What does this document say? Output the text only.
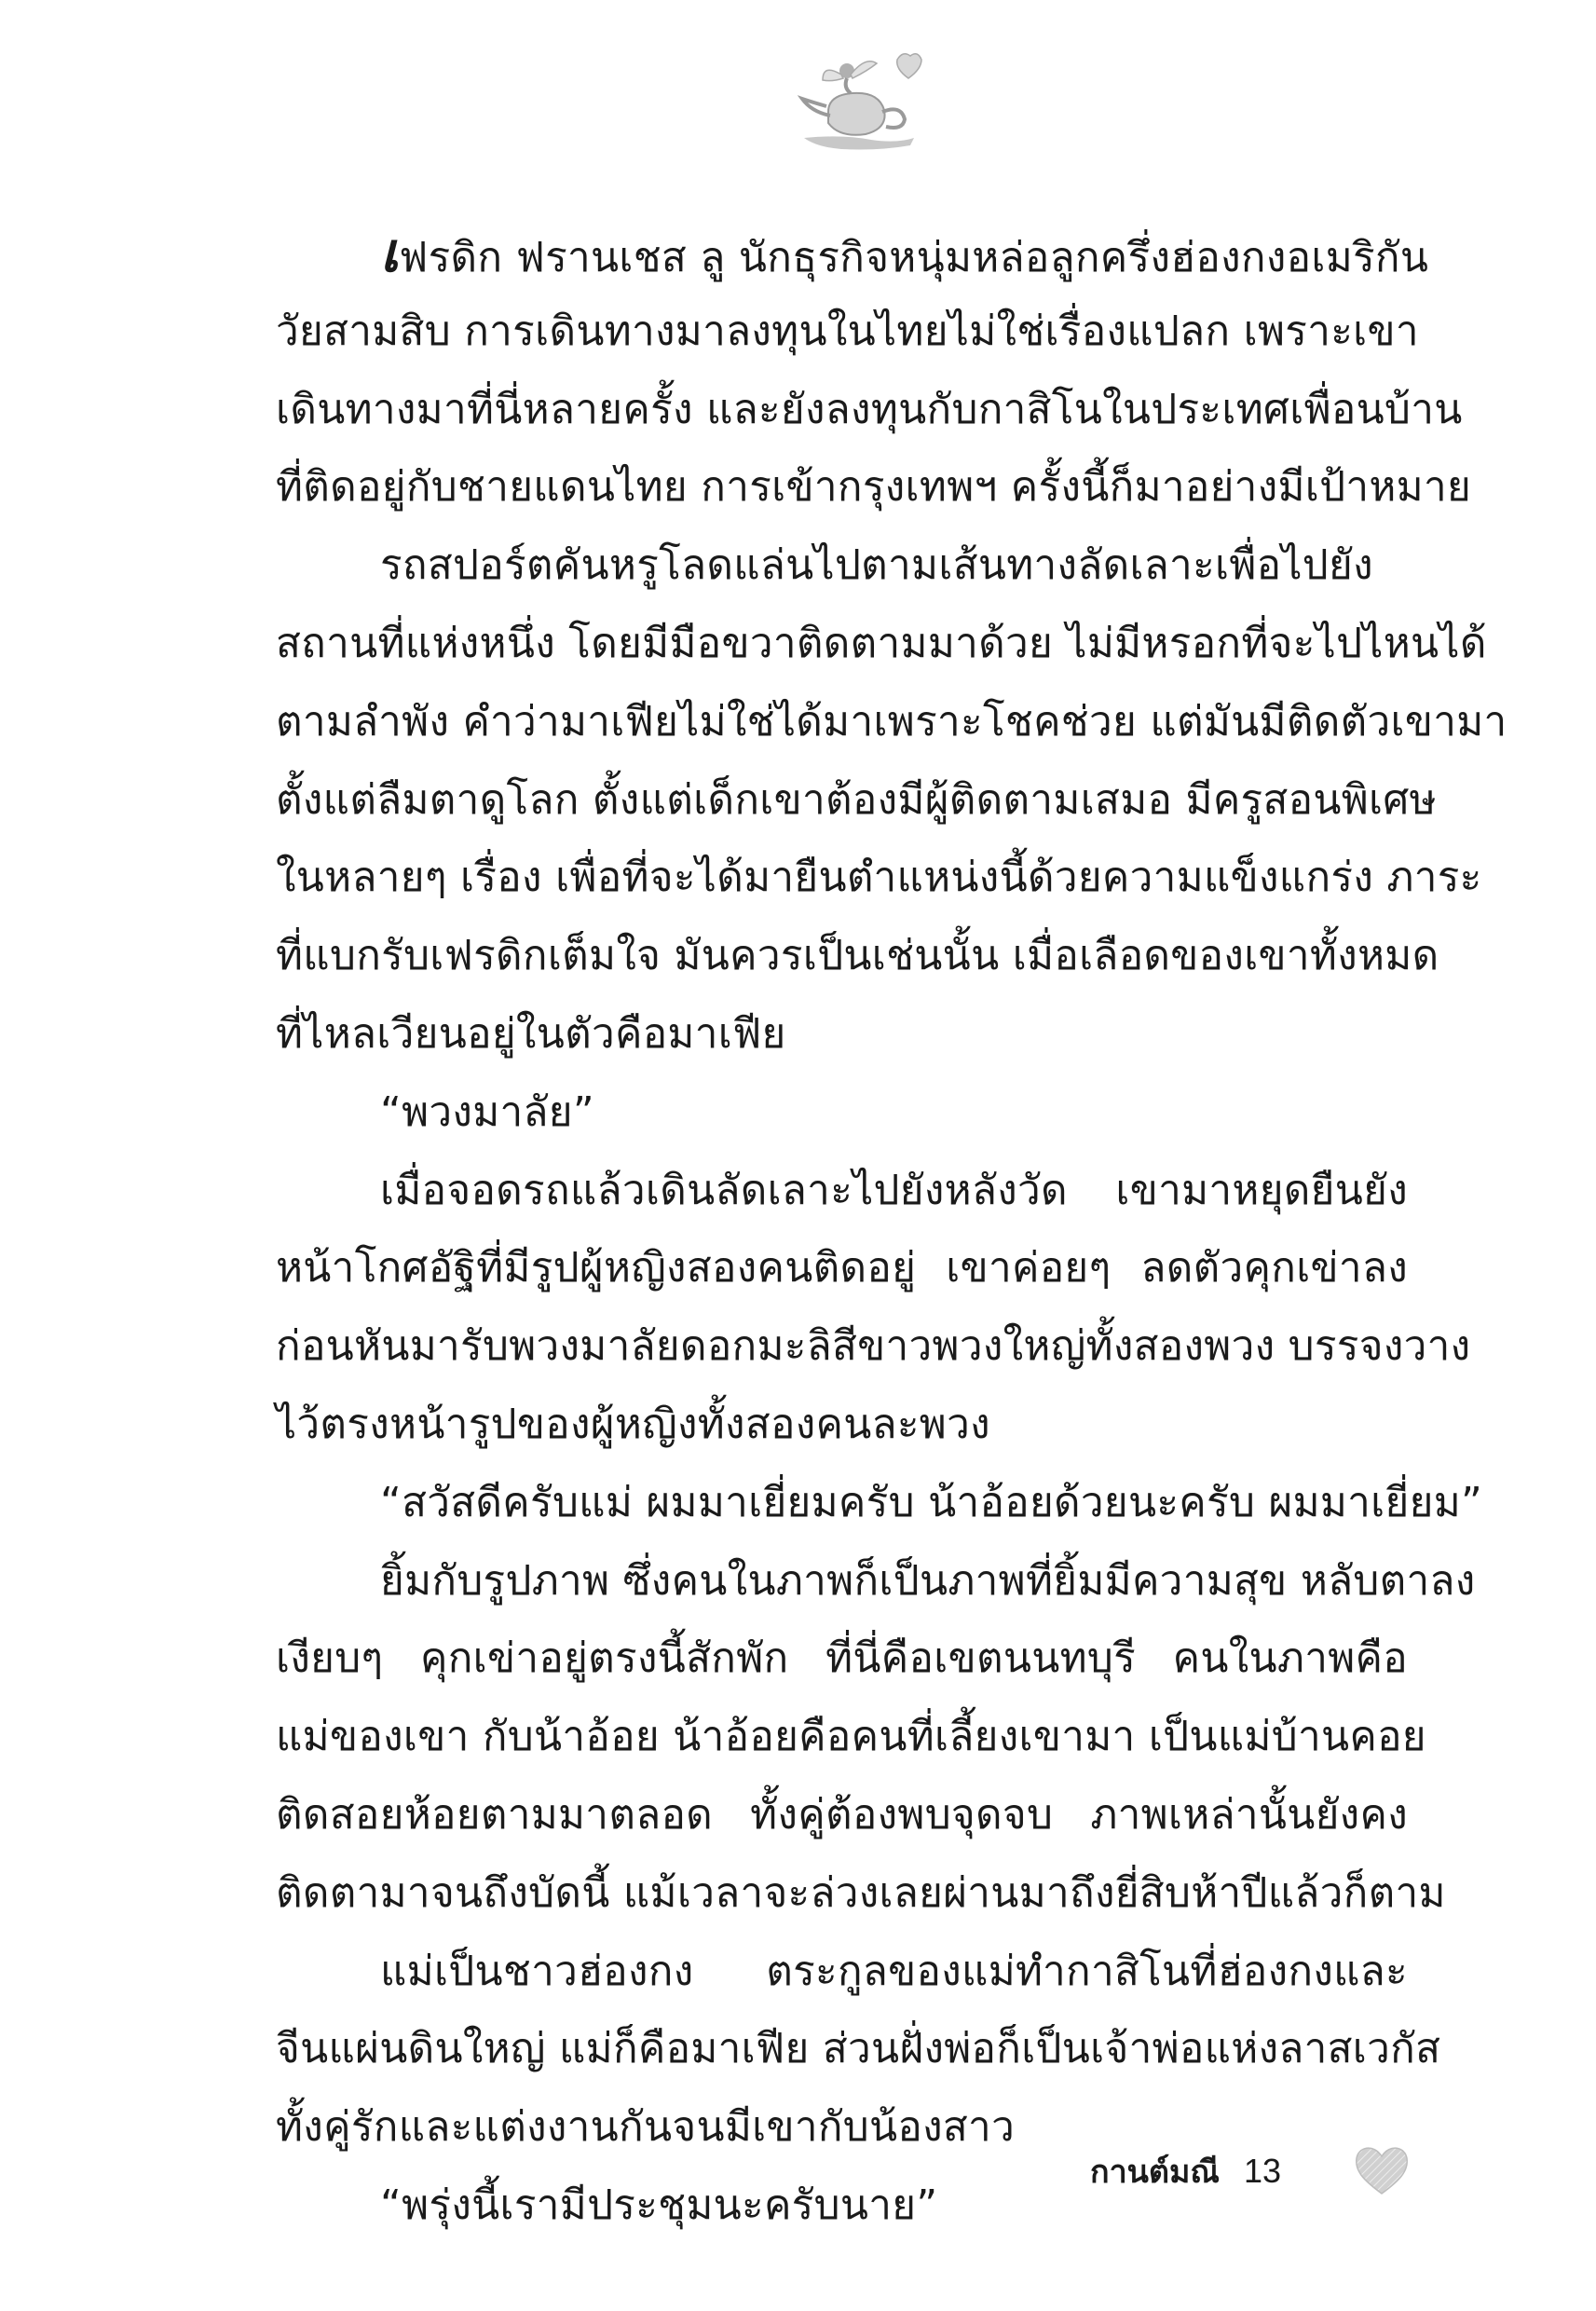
เฟรดิก ฟรานเชส ลู นักธุรกิจหนุ่มหล่อลูกครึ่งฮ่องกงอเมริกัน
วัยสามสิบ การเดินทางมาลงทุนในไทยไม่ใช่เรื่องแปลก เพราะเขา
เดินทางมาที่นี่หลายครั้ง และยังลงทุนกับกาสิโนในประเทศเพื่อนบ้าน
ที่ติดอยู่กับชายแดนไทย การเข้ากรุงเทพฯ ครั้งนี้ก็มาอย่างมีเป้าหมาย
รถสปอร์ตคันหรูโลดแล่นไปตามเส้นทางลัดเลาะเพื่อไปยัง
สถานที่แห่งหนึ่ง โดยมีมือขวาติดตามมาด้วย ไม่มีหรอกที่จะไปไหนได้
ตามลำพัง คำว่ามาเฟียไม่ใช่ได้มาเพราะโชคช่วย แต่มันมีติดตัวเขามา
ตั้งแต่ลืมตาดูโลก ตั้งแต่เด็กเขาต้องมีผู้ติดตามเสมอ มีครูสอนพิเศษ
ในหลายๆ เรื่อง เพื่อที่จะได้มายืนตำแหน่งนี้ด้วยความแข็งแกร่ง ภาระ
ที่แบกรับเฟรดิกเต็มใจ มันควรเป็นเช่นนั้น เมื่อเลือดของเขาทั้งหมด
ที่ไหลเวียนอยู่ในตัวคือมาเฟีย
“พวงมาลัย”
เมื่อจอดรถแล้วเดินลัดเลาะไปยังหลังวัด เขามาหยุดยืนยัง
หน้าโกศอัฐิที่มีรูปผู้หญิงสองคนติดอยู่ เขาค่อยๆ ลดตัวคุกเข่าลง
ก่อนหันมารับพวงมาลัยดอกมะลิสีขาวพวงใหญ่ทั้งสองพวง บรรจงวาง
ไว้ตรงหน้ารูปของผู้หญิงทั้งสองคนละพวง
“สวัสดีครับแม่ ผมมาเยี่ยมครับ น้าอ้อยด้วยนะครับ ผมมาเยี่ยม”
ยิ้มกับรูปภาพ ซึ่งคนในภาพก็เป็นภาพที่ยิ้มมีความสุข หลับตาลง
เงียบๆ คุกเข่าอยู่ตรงนี้สักพัก ที่นี่คือเขตนนทบุรี คนในภาพคือ
แม่ของเขา กับน้าอ้อย น้าอ้อยคือคนที่เลี้ยงเขามา เป็นแม่บ้านคอย
ติดสอยห้อยตามมาตลอด ทั้งคู่ต้องพบจุดจบ ภาพเหล่านั้นยังคง
ติดตามาจนถึงบัดนี้ แม้เวลาจะล่วงเลยผ่านมาถึงยี่สิบห้าปีแล้วก็ตาม
แม่เป็นชาวฮ่องกง ตระกูลของแม่ทำกาสิโนที่ฮ่องกงและ
จีนแผ่นดินใหญ่ แม่ก็คือมาเฟีย ส่วนฝั่งพ่อก็เป็นเจ้าพ่อแห่งลาสเวกัส
ทั้งคู่รักและแต่งงานกันจนมีเขากับน้องสาว
“พรุ่งนี้เรามีประชุมนะครับนาย”
กานต์มณี 13
